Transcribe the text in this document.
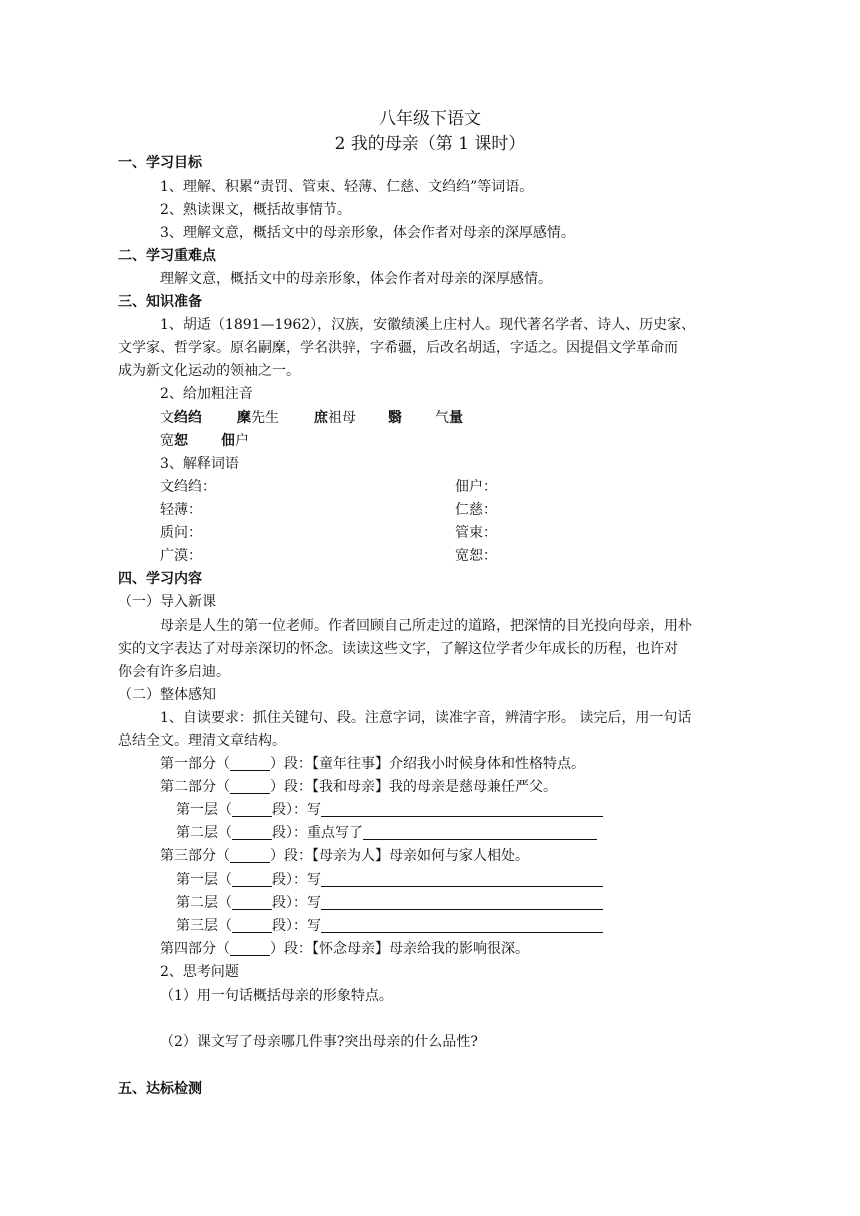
八年级下语文
2 我的母亲（第 1 课时）
一、学习目标
1、理解、积累“责罚、管束、轻薄、仁慈、文绉绉”等词语。
2、熟读课文，概括故事情节。
3、理解文意，概括文中的母亲形象，体会作者对母亲的深厚感情。
二、学习重难点
理解文意，概括文中的母亲形象，体会作者对母亲的深厚感情。
三、知识准备
1、胡适（1891—1962），汉族，安徽绩溪上庄村人。现代著名学者、诗人、历史家、
文学家、哲学家。原名嗣穈，学名洪骍，字希疆，后改名胡适，字适之。因提倡文学革命而
成为新文化运动的领袖之一。
2、给加粗注音
文绉绉	穈先生	庶祖母 翳 气量
宽恕 佃户
3、解释词语
文绉绉：	佃户：
轻薄：	仁慈：
质问：	管束：
广漠：	宽恕：
四、学习内容
（一）导入新课
母亲是人生的第一位老师。作者回顾自己所走过的道路，把深情的目光投向母亲，用朴
实的文字表达了对母亲深切的怀念。读读这些文字，了解这位学者少年成长的历程，也许对
你会有许多启迪。
（二）整体感知
1、自读要求：抓住关键句、段。注意字词，读准字音，辨清字形。 读完后，用一句话
总结全文。理清文章结构。
第一部分（	）段：【童年往事】介绍我小时候身体和性格特点。
第二部分（	）段：【我和母亲】我的母亲是慈母兼任严父。
第一层（	段）：写
第二层（	段）：重点写了
第三部分（	）段：【母亲为人】母亲如何与家人相处。
第一层（	段）：写
第二层（	段）：写
第三层（	段）：写
第四部分（	）段：【怀念母亲】母亲给我的影响很深。
2、思考问题
（1）用一句话概括母亲的形象特点。
（2）课文写了母亲哪几件事?突出母亲的什么品性?
五、达标检测
